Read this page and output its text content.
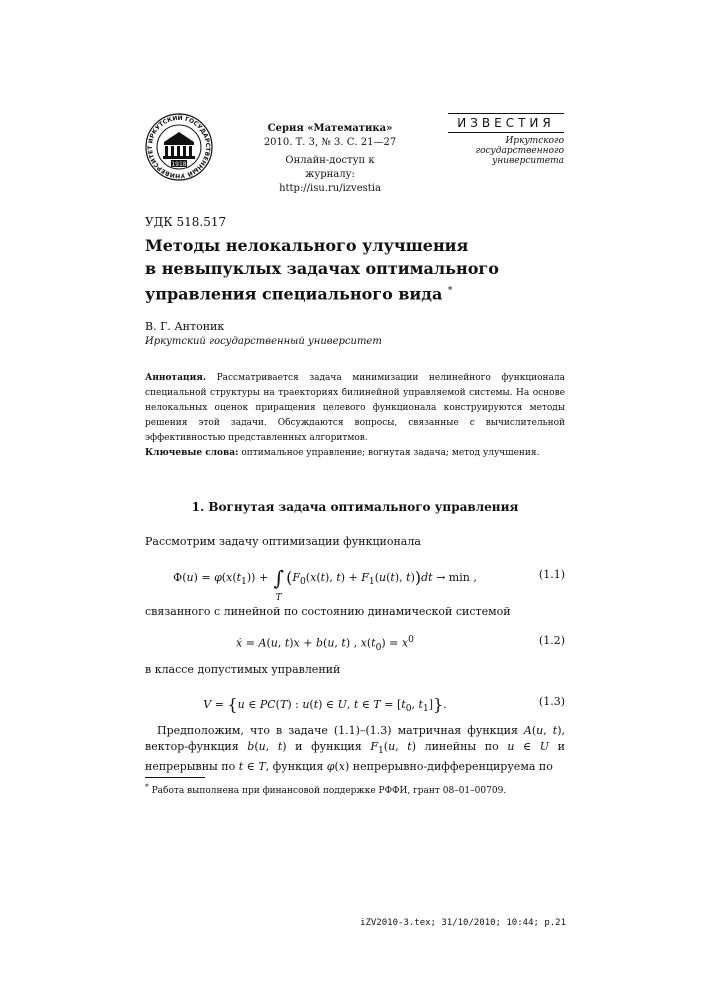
ИРКУТСКИЙ ГОСУДАРСТВЕННЫЙ УНИВЕРСИТЕТ
1918
Серия «Математика»
2010. Т. 3, № 3. С. 21—27
Онлайн-доступ к журналу:
http://isu.ru/izvestia
ИЗВЕСТИЯ
Иркутского
государственного
университета
УДК 518.517
Методы нелокального улучшения
в невыпуклых задачах оптимального
управления специального вида *
В. Г. Антоник
Иркутский государственный университет
Аннотация. Рассматривается задача минимизации нелинейного функционала специальной структуры на траекториях билинейной управляемой системы. На основе нелокальных оценок приращения целевого функционала конструируются методы решения этой задачи. Обсуждаются вопросы, связанные с вычислительной эффективностью представленных алгоритмов.
Ключевые слова: оптимальное управление; вогнутая задача; метод улучшения.
1. Вогнутая задача оптимального управления
Рассмотрим задачу оптимизации функционала
$\Phi(u) = \varphi(x(t_1))$ + ∫
T
($F_0(x(t)$, $t) + F_1(u(t)$, t))dt → min ,	(1.1)
связанного с линейной по состоянию динамической системой
ẋ = A(u, t)x + b(u, t) , $x(t_0) = x^0$	(1.2)
в классе допустимых управлений
V = {u ∈ PC(T) : u(t) ∈ U, t ∈ $T = [t_0$, $t_1$]}.	(1.3)

Предположим, что в задаче (1.1)–(1.3) матричная функция A(u, t), вектор-функция b(u, t) и функция $F_1(u$, t) линейны по u ∈ U и непрерывны по t ∈ T, функция φ(x) непрерывно-дифференцируема по

* Работа выполнена при финансовой поддержке РФФИ, грант 08–01–00709.
iZV2010-3.tex; 31/10/2010; 10:44; p.21
